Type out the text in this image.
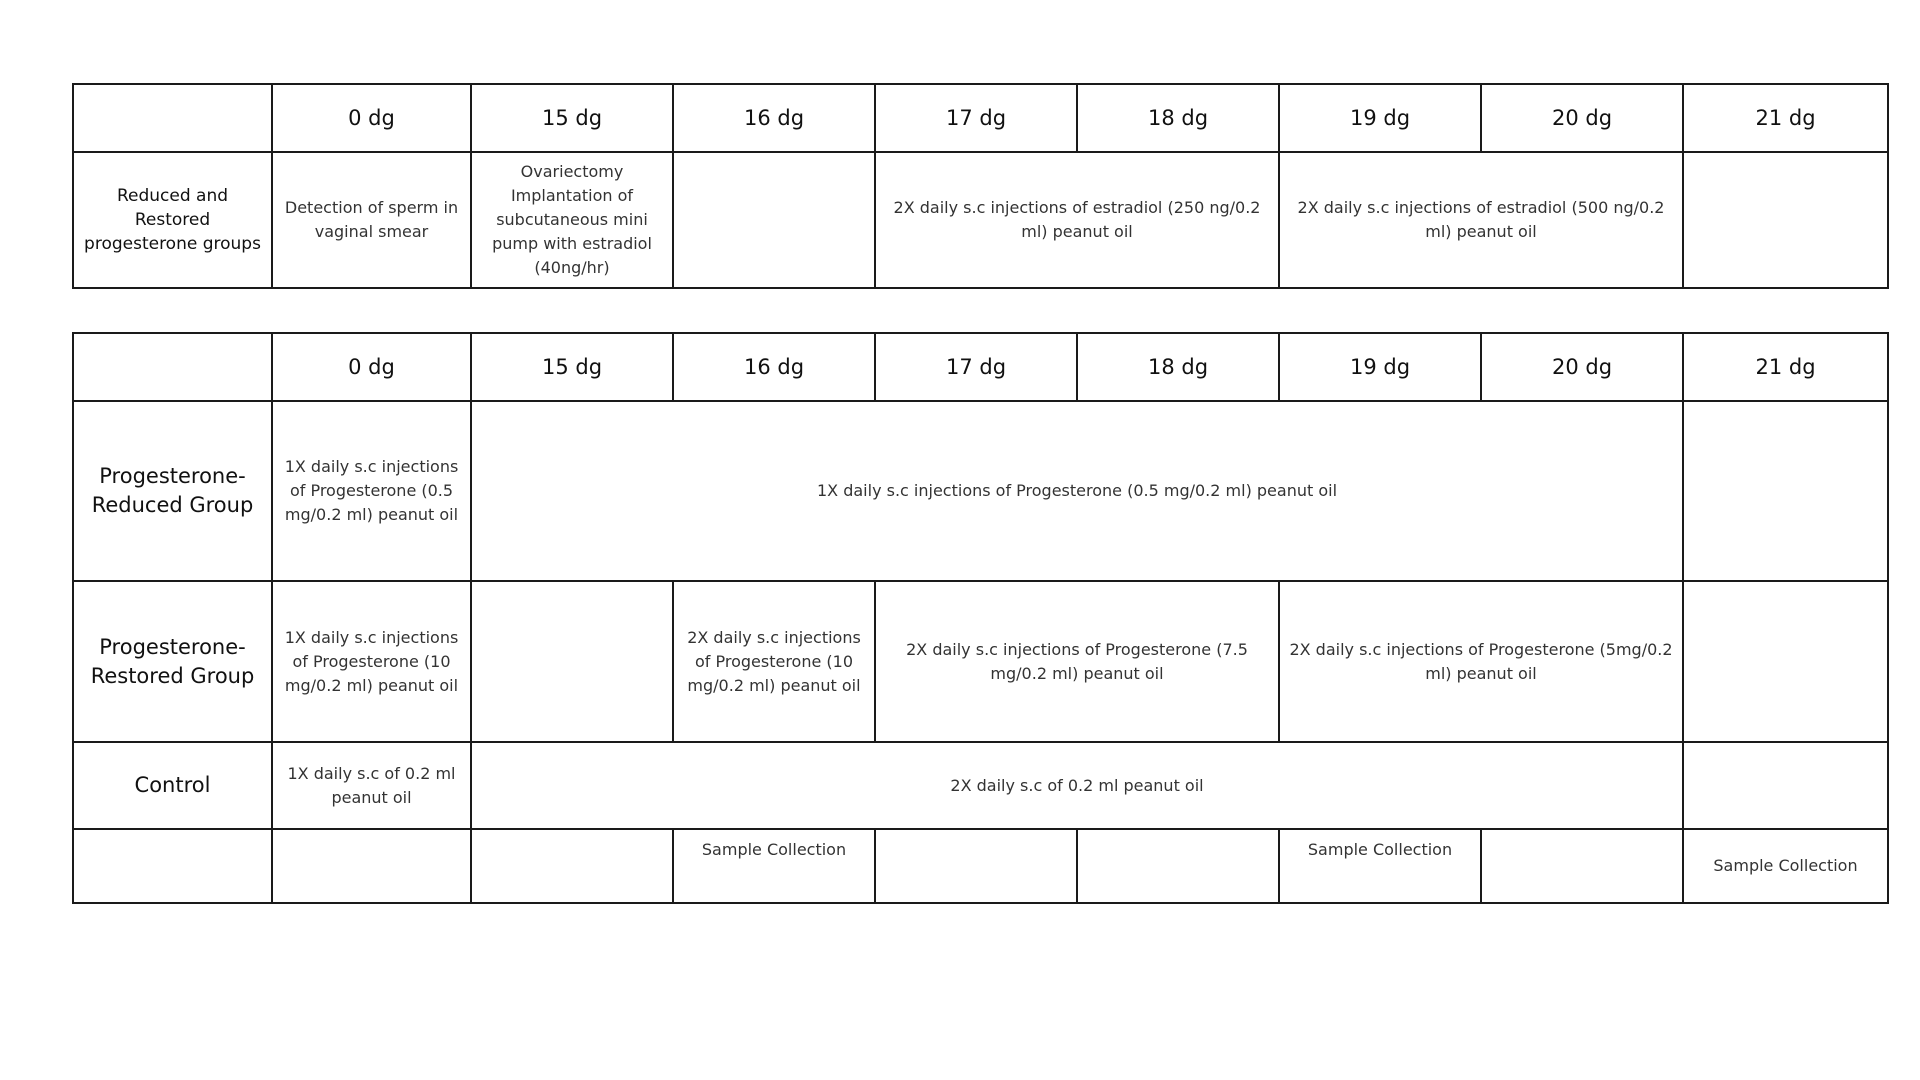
	0 dg	15 dg	16 dg	17 dg	18 dg	19 dg	20 dg	21 dg
Reduced and Restored progesterone groups	Detection of sperm in vaginal smear	Ovariectomy Implantation of subcutaneous mini pump with estradiol (40ng/hr)		2X daily s.c injections of estradiol (250 ng/0.2 ml) peanut oil		2X daily s.c injections of estradiol (500 ng/0.2 ml) peanut oil		
	0 dg	15 dg	16 dg	17 dg	18 dg	19 dg	20 dg	21 dg
Progesterone-Reduced Group	1X daily s.c injections of Progesterone (0.5 mg/0.2 ml) peanut oil	1X daily s.c injections of Progesterone (0.5 mg/0.2 ml) peanut oil						
Progesterone-Restored Group	1X daily s.c injections of Progesterone (10 mg/0.2 ml) peanut oil		2X daily s.c injections of Progesterone (10 mg/0.2 ml) peanut oil	2X daily s.c injections of Progesterone (7.5 mg/0.2 ml) peanut oil		2X daily s.c injections of Progesterone (5mg/0.2 ml) peanut oil		
Control	1X daily s.c of 0.2 ml peanut oil	2X daily s.c of 0.2 ml peanut oil						
			Sample Collection			Sample Collection		Sample Collection
